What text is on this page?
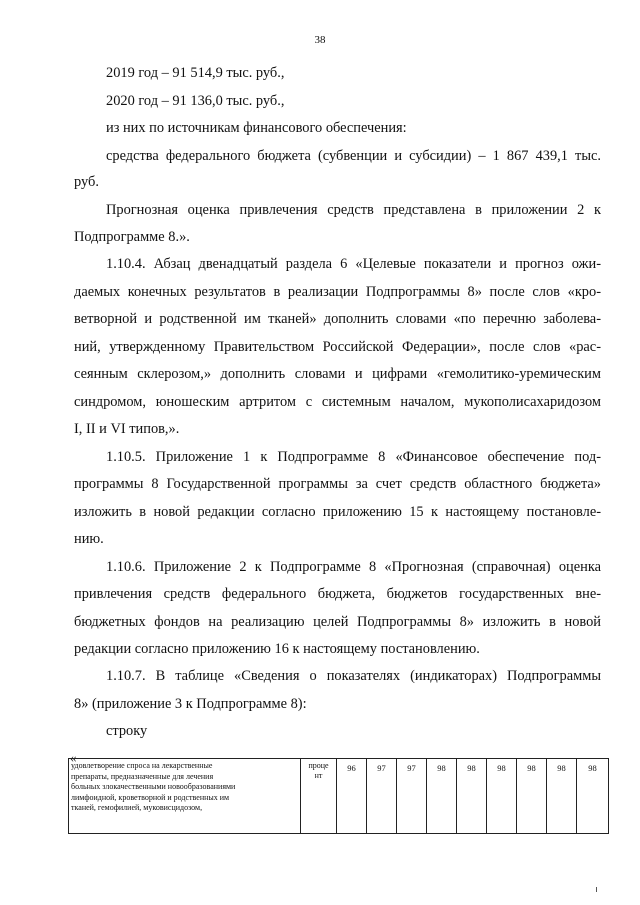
38
2019 год – 91 514,9 тыс. руб.,
2020 год – 91 136,0 тыс. руб.,
из них по источникам финансового обеспечения:
средства федерального бюджета (субвенции и субсидии) – 1 867 439,1 тыс.
руб.
Прогнозная оценка привлечения средств представлена в приложении 2 к
Подпрограмме 8.».
1.10.4. Абзац двенадцатый раздела 6 «Целевые показатели и прогноз ожи-
даемых конечных результатов в реализации Подпрограммы 8» после слов «кро-
ветворной и родственной им тканей» дополнить словами «по перечню заболева-
ний, утвержденному Правительством Российской Федерации», после слов «рас-
сеянным склерозом,» дополнить словами и цифрами «гемолитико-уремическим
синдромом, юношеским артритом с системным началом, мукополисахаридозом
I, II и VI типов,».
1.10.5. Приложение 1 к Подпрограмме 8 «Финансовое обеспечение под-
программы 8 Государственной программы за счет средств областного бюджета»
изложить в новой редакции согласно приложению 15 к настоящему постановле-
нию.
1.10.6. Приложение 2 к Подпрограмме 8 «Прогнозная (справочная) оценка
привлечения средств федерального бюджета, бюджетов государственных вне-
бюджетных фондов на реализацию целей Подпрограммы 8» изложить в новой
редакции согласно приложению 16 к настоящему постановлению.
1.10.7. В таблице «Сведения о показателях (индикаторах) Подпрограммы
8» (приложение 3 к Подпрограмме 8):
строку
«
удовлетворение спроса на лекарственные
препараты, предназначенные для лечения
больных злокачественными новообразованиями
лимфоидной, кроветворной и родственных им
тканей, гемофилией, муковисцидозом,

проце
нт
	96	97	97	98	98	98	98	98	98
